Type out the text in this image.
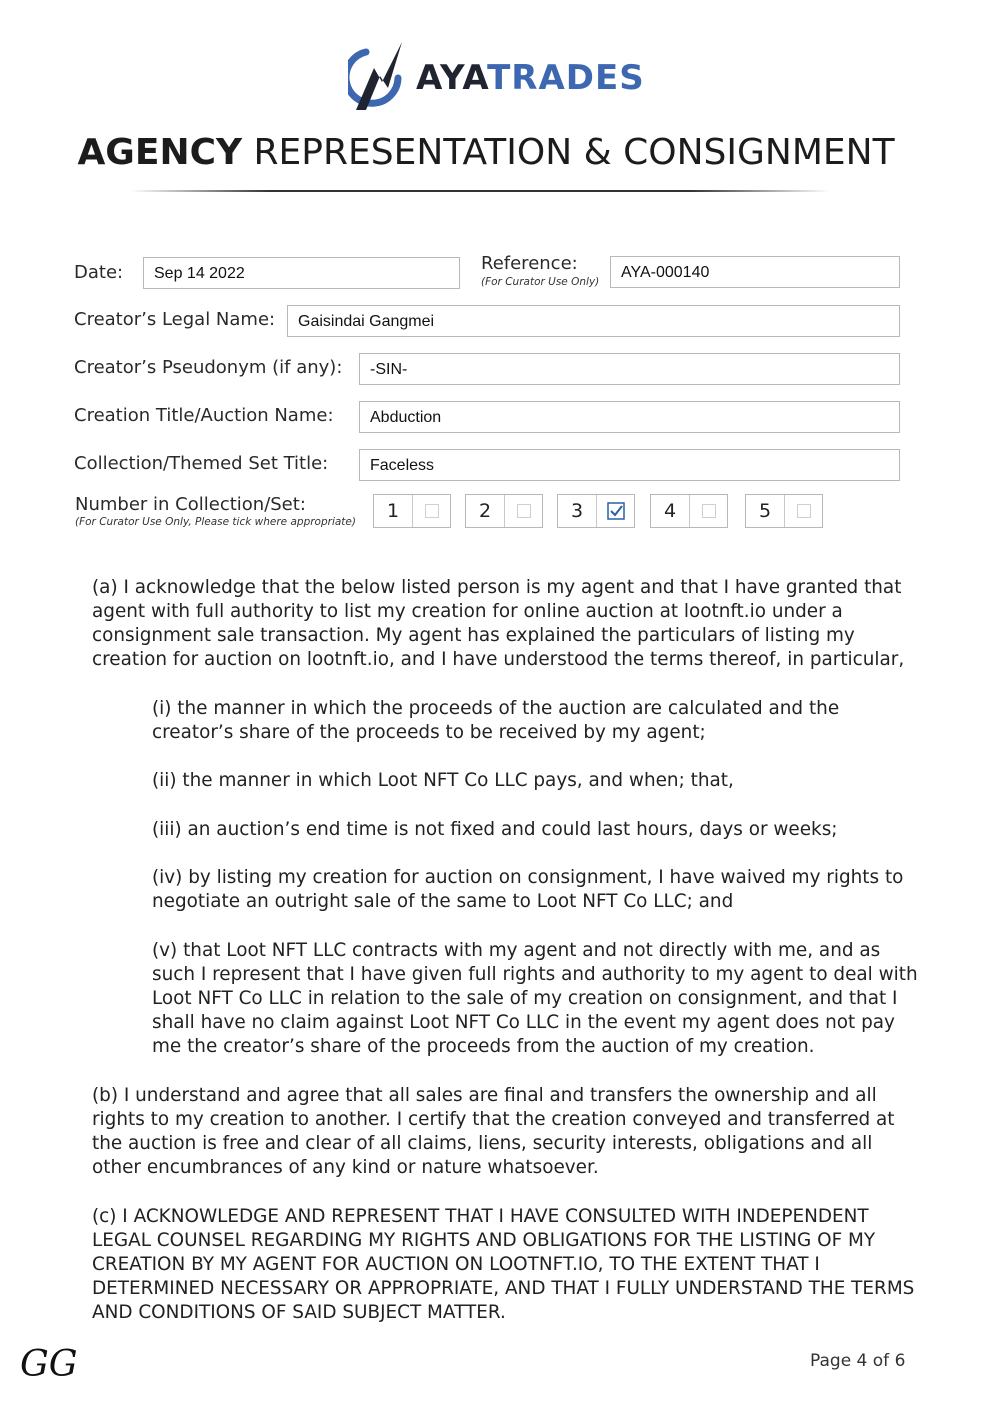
AYATRADES
AGENCY REPRESENTATION & CONSIGNMENT
Date:	Sep 14 2022	Reference:
(For Curator Use Only)
AYA-000140
Creator’s Legal Name:	Gaisindai Gangmei
Creator’s Pseudonym (if any):	-SIN-
Creation Title/Auction Name:	Abduction
Collection/Themed Set Title:	Faceless
Number in Collection/Set:
(For Curator Use Only, Please tick where appropriate)	1	2	3	4	5
(a) I acknowledge that the below listed person is my agent and that I have granted that agent with full authority to list my creation for online auction at lootnft.io under a consignment sale transaction. My agent has explained the particulars of listing my creation for auction on lootnft.io, and I have understood the terms thereof, in particular,
(i) the manner in which the proceeds of the auction are calculated and the creator’s share of the proceeds to be received by my agent;
(ii) the manner in which Loot NFT Co LLC pays, and when; that,
(iii) an auction’s end time is not fixed and could last hours, days or weeks;
(iv) by listing my creation for auction on consignment, I have waived my rights to negotiate an outright sale of the same to Loot NFT Co LLC; and
(v) that Loot NFT LLC contracts with my agent and not directly with me, and as such I represent that I have given full rights and authority to my agent to deal with Loot NFT Co LLC in relation to the sale of my creation on consignment, and that I shall have no claim against Loot NFT Co LLC in the event my agent does not pay me the creator’s share of the proceeds from the auction of my creation.
(b) I understand and agree that all sales are final and transfers the ownership and all rights to my creation to another. I certify that the creation conveyed and transferred at the auction is free and clear of all claims, liens, security interests, obligations and all other encumbrances of any kind or nature whatsoever.
(c) I ACKNOWLEDGE AND REPRESENT THAT I HAVE CONSULTED WITH INDEPENDENT LEGAL COUNSEL REGARDING MY RIGHTS AND OBLIGATIONS FOR THE LISTING OF MY CREATION BY MY AGENT FOR AUCTION ON LOOTNFT.IO, TO THE EXTENT THAT I DETERMINED NECESSARY OR APPROPRIATE, AND THAT I FULLY UNDERSTAND THE TERMS AND CONDITIONS OF SAID SUBJECT MATTER.
GG	Page 4 of 6
